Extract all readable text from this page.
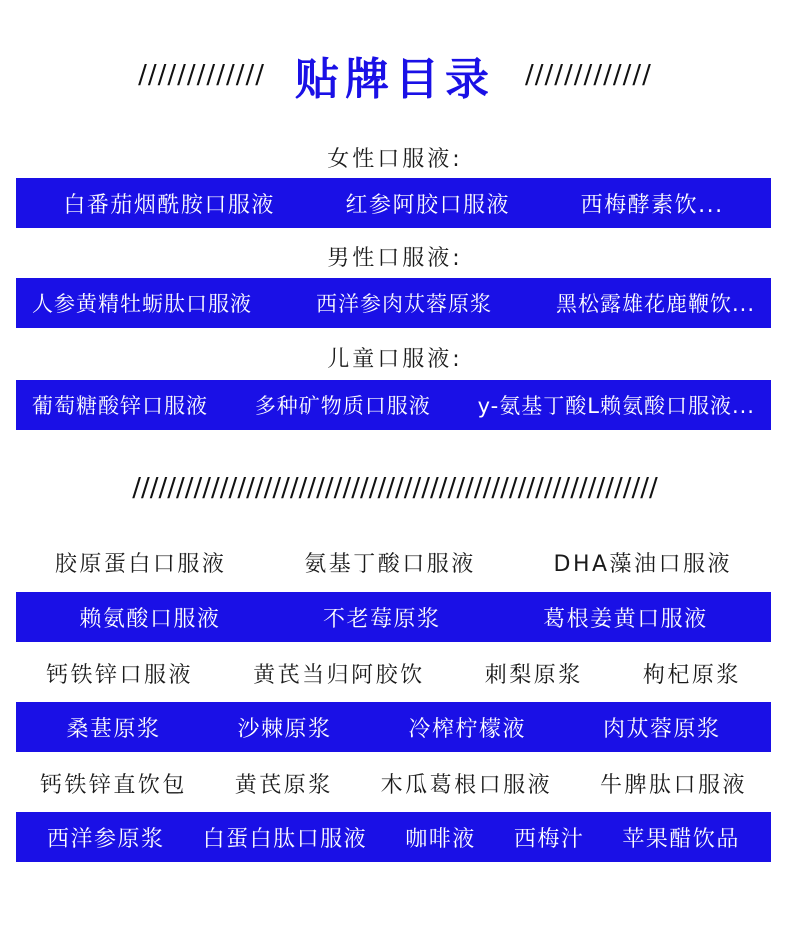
///////////// 贴牌目录 /////////////
女性口服液:
白番茄烟酰胺口服液	红参阿胶口服液	西梅酵素饮...
男性口服液:
人参黄精牡蛎肽口服液	西洋参肉苁蓉原浆	黑松露雄花鹿鞭饮...
儿童口服液:
葡萄糖酸锌口服液 多种矿物质口服液 y-氨基丁酸L赖氨酸口服液...
////////////////////////////////////////////////////////////
胶原蛋白口服液	氨基丁酸口服液	DHA藻油口服液
赖氨酸口服液	不老莓原浆	葛根姜黄口服液
钙铁锌口服液	黄芪当归阿胶饮	刺梨原浆	枸杞原浆
桑葚原浆	沙棘原浆	冷榨柠檬液	肉苁蓉原浆
钙铁锌直饮包 黄芪原浆 木瓜葛根口服液 牛脾肽口服液
西洋参原浆 白蛋白肽口服液 咖啡液 西梅汁 苹果醋饮品
